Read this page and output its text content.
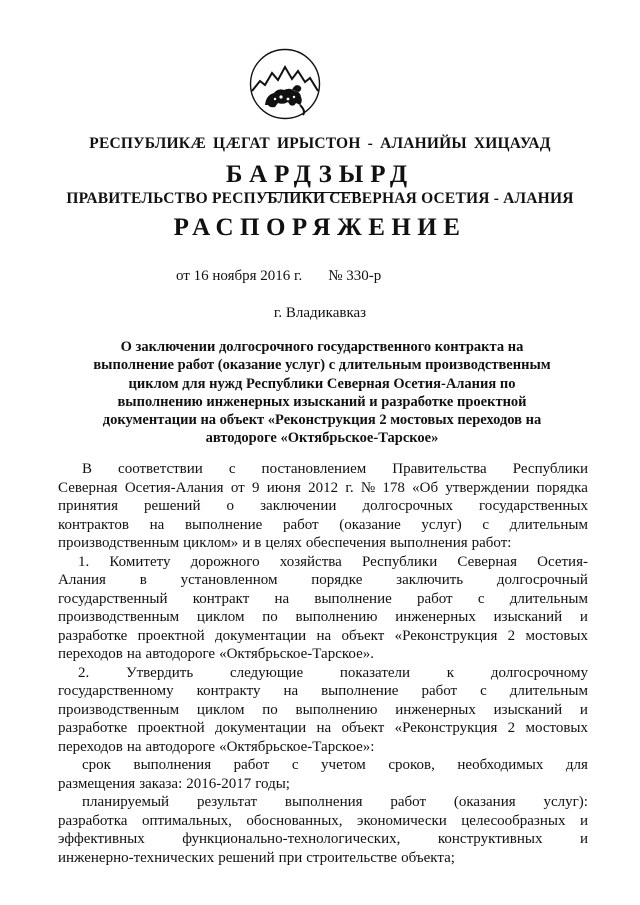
РЕСПУБЛИКӔ ЦӔГАТ ИРЫСТОН - АЛАНИЙЫ ХИЦАУАД
БАРДЗЫРД
ПРАВИТЕЛЬСТВО РЕСПУБЛИКИ СЕВЕРНАЯ ОСЕТИЯ - АЛАНИЯ
РАСПОРЯЖЕНИЕ
от 16 ноября 2016 г. № 330-р
г. Владикавказ
О заключении долгосрочного государственного контракта на
выполнение работ (оказание услуг) с длительным производственным
циклом для нужд Республики Северная Осетия-Алания по
выполнению инженерных изысканий и разработке проектной
документации на объект «Реконструкция 2 мостовых переходов на
автодороге «Октябрьское-Тарское»
В соответствии с постановлением Правительства Республики
Северная Осетия-Алания от 9 июня 2012 г. № 178 «Об утверждении порядка
принятия решений о заключении долгосрочных государственных
контрактов на выполнение работ (оказание услуг) с длительным
производственным циклом» и в целях обеспечения выполнения работ:
1. Комитету дорожного хозяйства Республики Северная Осетия-
Алания в установленном порядке заключить долгосрочный
государственный контракт на выполнение работ с длительным
производственным циклом по выполнению инженерных изысканий и
разработке проектной документации на объект «Реконструкция 2 мостовых
переходов на автодороге «Октябрьское-Тарское».
2. Утвердить следующие показатели к долгосрочному
государственному контракту на выполнение работ с длительным
производственным циклом по выполнению инженерных изысканий и
разработке проектной документации на объект «Реконструкция 2 мостовых
переходов на автодороге «Октябрьское-Тарское»:
срок выполнения работ с учетом сроков, необходимых для
размещения заказа: 2016-2017 годы;
планируемый результат выполнения работ (оказания услуг):
разработка оптимальных, обоснованных, экономически целесообразных и
эффективных функционально-технологических, конструктивных и
инженерно-технических решений при строительстве объекта;
